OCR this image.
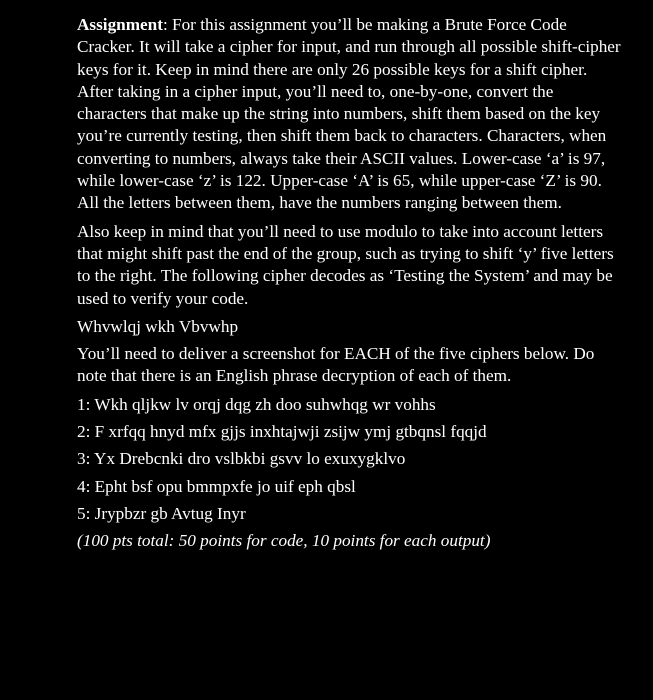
Assignment: For this assignment you’ll be making a Brute Force Code Cracker. It will take a cipher for input, and run through all possible shift-cipher keys for it. Keep in mind there are only 26 possible keys for a shift cipher. After taking in a cipher input, you’ll need to, one-by-one, convert the characters that make up the string into numbers, shift them based on the key you’re currently testing, then shift them back to characters. Characters, when converting to numbers, always take their ASCII values. Lower-case ‘a’ is 97, while lower-case ‘z’ is 122. Upper-case ‘A’ is 65, while upper-case ‘Z’ is 90. All the letters between them, have the numbers ranging between them.

Also keep in mind that you’ll need to use modulo to take into account letters that might shift past the end of the group, such as trying to shift ‘y’ five letters to the right. The following cipher decodes as ‘Testing the System’ and may be used to verify your code.

Whvwlqj wkh Vbvwhp

You’ll need to deliver a screenshot for EACH of the five ciphers below. Do note that there is an English phrase decryption of each of them.

1: Wkh qljkw lv orqj dqg zh doo suhwhqg wr vohhs
2: F xrfqq hnyd mfx gjjs inxhtajwji zsijw ymj gtbqnsl fqqjd
3: Yx Drebcnki dro vslbkbi gsvv lo exuxygklvo
4: Epht bsf opu bmmpxfe jo uif eph qbsl
5: Jrypbzr gb Avtug Inyr

(100 pts total: 50 points for code, 10 points for each output)
